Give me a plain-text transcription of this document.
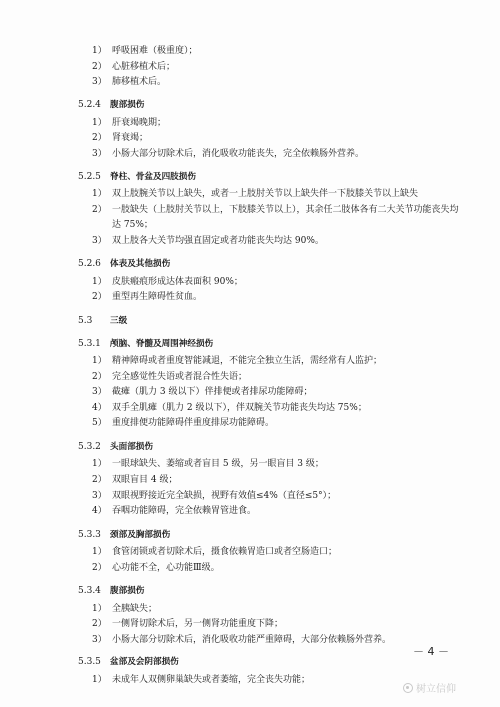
1） 呼吸困难（极重度）；
2） 心脏移植术后；
3） 肺移植术后。
5.2.4 腹部损伤
1） 肝衰竭晚期；
2） 肾衰竭；
3） 小肠大部分切除术后，消化吸收功能丧失，完全依赖肠外营养。
5.2.5 脊柱、骨盆及四肢损伤
1） 双上肢腕关节以上缺失，或者一上肢肘关节以上缺失伴一下肢膝关节以上缺失
2） 一肢缺失（上肢肘关节以上，下肢膝关节以上），其余任二肢体各有二大关节功能丧失均
达 75%；
3） 双上肢各大关节均强直固定或者功能丧失均达 90%。
5.2.6 体表及其他损伤
1） 皮肤瘢痕形成达体表面积 90%；
2） 重型再生障碍性贫血。
5.3 三级
5.3.1 颅脑、脊髓及周围神经损伤
1） 精神障碍或者重度智能减退，不能完全独立生活，需经常有人监护；
2） 完全感觉性失语或者混合性失语；
3） 截瘫（肌力 3 级以下）伴排便或者排尿功能障碍；
4） 双手全肌瘫（肌力 2 级以下），伴双腕关节功能丧失均达 75%；
5） 重度排便功能障碍伴重度排尿功能障碍。
5.3.2 头面部损伤
1） 一眼球缺失、萎缩或者盲目 5 级，另一眼盲目 3 级；
2） 双眼盲目 4 级；
3） 双眼视野接近完全缺损，视野有效值≤4%（直径≤5°）；
4） 吞咽功能障碍，完全依赖胃管进食。
5.3.3 颈部及胸部损伤
1） 食管闭锁或者切除术后，摄食依赖胃造口或者空肠造口；
2） 心功能不全，心功能Ⅲ级。
5.3.4 腹部损伤
1） 全胰缺失；
2） 一侧肾切除术后，另一侧肾功能重度下降；
3） 小肠大部分切除术后，消化吸收功能严重障碍，大部分依赖肠外营养。
5.3.5 盆部及会阴部损伤
1） 未成年人双侧卵巢缺失或者萎缩，完全丧失功能；
－ 4 －
树立信仰
